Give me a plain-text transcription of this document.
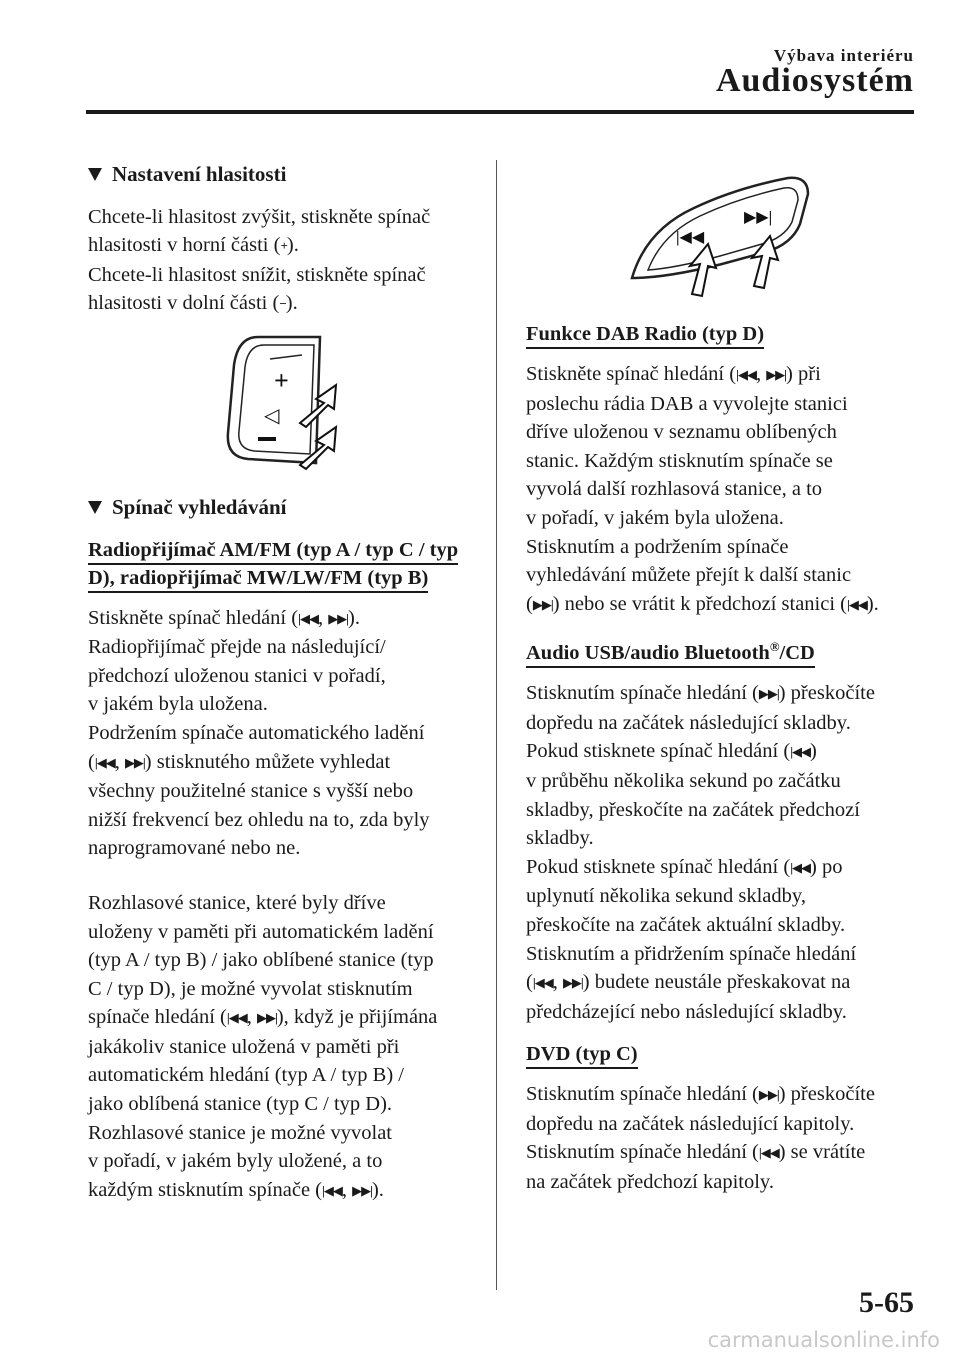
Výbava interiéru
Audiosystém
Nastavení hlasitosti

Chcete-li hlasitost zvýšit, stiskněte spínač
hlasitosti v horní části (+).
Chcete-li hlasitost snížit, stiskněte spínač
hlasitosti v dolní části (−).

+
◁
Spínač vyhledávání
Radiopřijímač AM/FM (typ A / typ C / typ D), radiopřijímač MW/LW/FM (typ B)

Stiskněte spínač hledání (|◀◀, ▶▶|).
Radiopřijímač přejde na následující/
předchozí uloženou stanici v pořadí,
v jakém byla uložena.
Podržením spínače automatického ladění
(|◀◀, ▶▶|) stisknutého můžete vyhledat
všechny použitelné stanice s vyšší nebo
nižší frekvencí bez ohledu na to, zda byly
naprogramované nebo ne.

Rozhlasové stanice, které byly dříve
uloženy v paměti při automatickém ladění
(typ A / typ B) / jako oblíbené stanice (typ
C / typ D), je možné vyvolat stisknutím
spínače hledání (|◀◀, ▶▶|), když je přijímána
jakákoliv stanice uložená v paměti při
automatickém hledání (typ A / typ B) /
jako oblíbená stanice (typ C / typ D).
Rozhlasové stanice je možné vyvolat
v pořadí, v jakém byly uložené, a to
každým stisknutím spínače (|◀◀, ▶▶|).

|◀◀
▶▶|
Funkce DAB Radio (typ D)

Stiskněte spínač hledání (|◀◀, ▶▶|) při
poslechu rádia DAB a vyvolejte stanici
dříve uloženou v seznamu oblíbených
stanic. Každým stisknutím spínače se
vyvolá další rozhlasová stanice, a to
v pořadí, v jakém byla uložena.
Stisknutím a podržením spínače
vyhledávání můžete přejít k další stanic
(▶▶|) nebo se vrátit k předchozí stanici (|◀◀).

Audio USB/audio Bluetooth®/CD

Stisknutím spínače hledání (▶▶|) přeskočíte
dopředu na začátek následující skladby.
Pokud stisknete spínač hledání (|◀◀)
v průběhu několika sekund po začátku
skladby, přeskočíte na začátek předchozí
skladby.
Pokud stisknete spínač hledání (|◀◀) po
uplynutí několika sekund skladby,
přeskočíte na začátek aktuální skladby.
Stisknutím a přidržením spínače hledání
(|◀◀, ▶▶|) budete neustále přeskakovat na
předcházející nebo následující skladby.

DVD (typ C)

Stisknutím spínače hledání (▶▶|) přeskočíte
dopředu na začátek následující kapitoly.
Stisknutím spínače hledání (|◀◀) se vrátíte
na začátek předchozí kapitoly.

5-65
carmanualsonline.info
